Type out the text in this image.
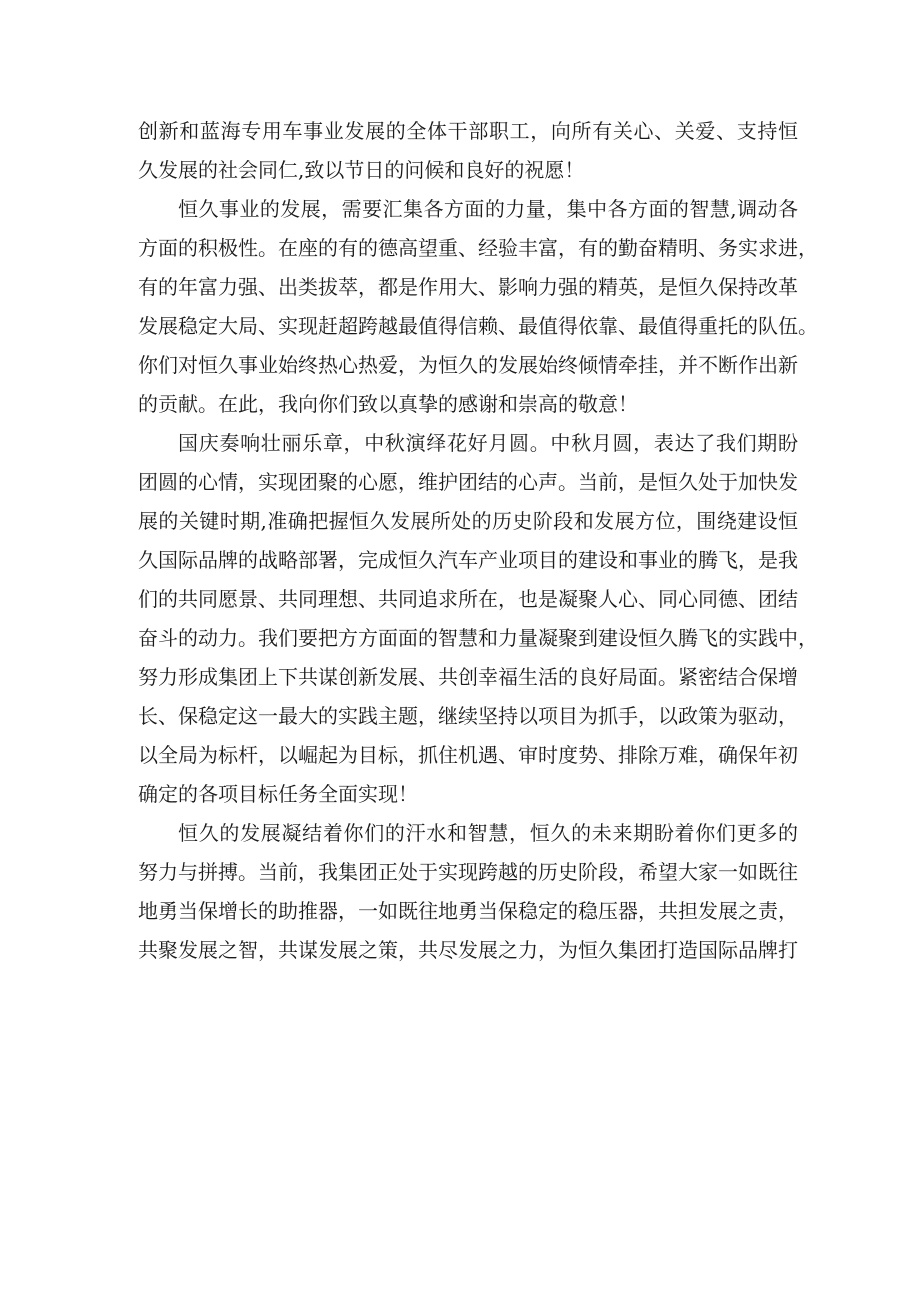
创新和蓝海专用车事业发展的全体干部职工，向所有关心、关爱、支持恒
久发展的社会同仁,致以节日的问候和良好的祝愿！
恒久事业的发展，需要汇集各方面的力量，集中各方面的智慧,调动各
方面的积极性。在座的有的德高望重、经验丰富，有的勤奋精明、务实求进，
有的年富力强、出类拔萃，都是作用大、影响力强的精英，是恒久保持改革
发展稳定大局、实现赶超跨越最值得信赖、最值得依靠、最值得重托的队伍。
你们对恒久事业始终热心热爱，为恒久的发展始终倾情牵挂，并不断作出新
的贡献。在此，我向你们致以真挚的感谢和崇高的敬意！
国庆奏响壮丽乐章，中秋演绎花好月圆。中秋月圆，表达了我们期盼
团圆的心情，实现团聚的心愿，维护团结的心声。当前，是恒久处于加快发
展的关键时期,准确把握恒久发展所处的历史阶段和发展方位，围绕建设恒
久国际品牌的战略部署，完成恒久汽车产业项目的建设和事业的腾飞，是我
们的共同愿景、共同理想、共同追求所在，也是凝聚人心、同心同德、团结
奋斗的动力。我们要把方方面面的智慧和力量凝聚到建设恒久腾飞的实践中，
努力形成集团上下共谋创新发展、共创幸福生活的良好局面。紧密结合保增
长、保稳定这一最大的实践主题，继续坚持以项目为抓手，以政策为驱动，
以全局为标杆，以崛起为目标，抓住机遇、审时度势、排除万难，确保年初
确定的各项目标任务全面实现！
恒久的发展凝结着你们的汗水和智慧，恒久的未来期盼着你们更多的
努力与拼搏。当前，我集团正处于实现跨越的历史阶段，希望大家一如既往
地勇当保增长的助推器，一如既往地勇当保稳定的稳压器，共担发展之责，
共聚发展之智，共谋发展之策，共尽发展之力，为恒久集团打造国际品牌打
